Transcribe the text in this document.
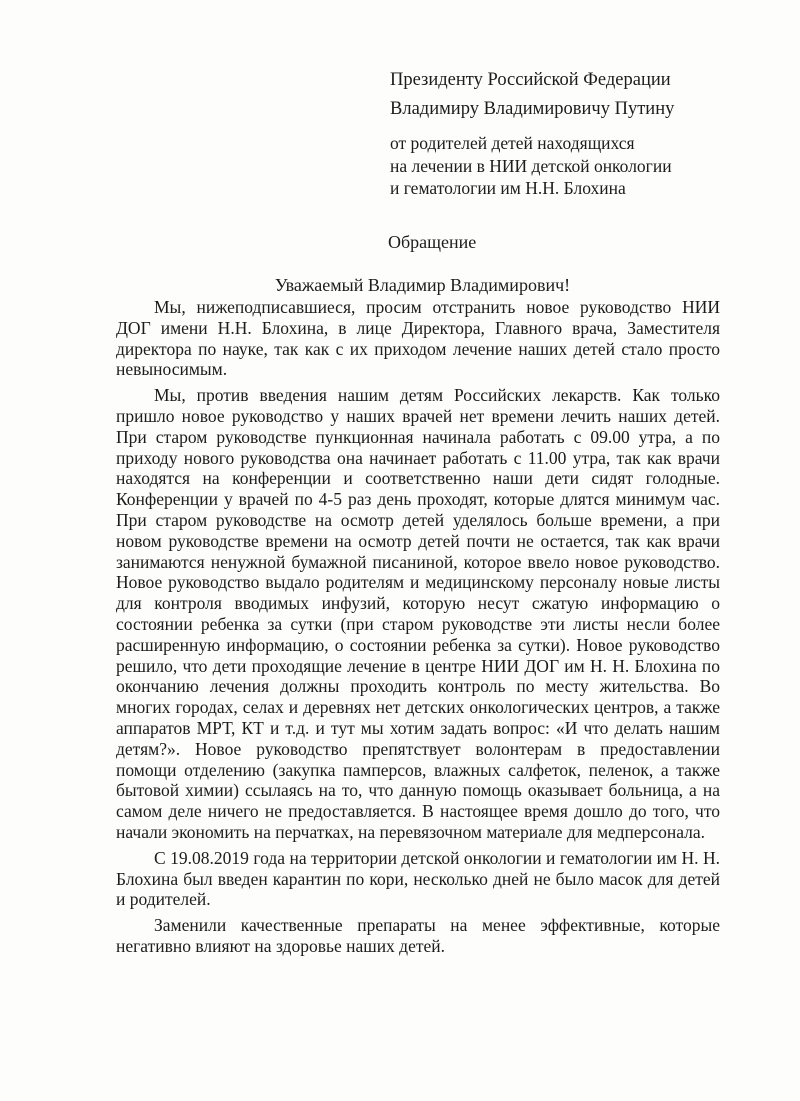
Президенту Российской Федерации
Владимиру Владимировичу Путину
от родителей детей находящихся
на лечении в НИИ детской онкологии
и гематологии им Н.Н. Блохина
Обращение
Уважаемый Владимир Владимирович!

Мы, нижеподписавшиеся, просим отстранить новое руководство НИИ ДОГ имени Н.Н. Блохина, в лице Директора, Главного врача, Заместителя директора по науке, так как с их приходом лечение наших детей стало просто невыносимым.

Мы, против введения нашим детям Российских лекарств. Как только пришло новое руководство у наших врачей нет времени лечить наших детей. При старом руководстве пункционная начинала работать с 09.00 утра, а по приходу нового руководства она начинает работать с 11.00 утра, так как врачи находятся на конференции и соответственно наши дети сидят голодные. Конференции у врачей по 4-5 раз день проходят, которые длятся минимум час. При старом руководстве на осмотр детей уделялось больше времени, а при новом руководстве времени на осмотр детей почти не остается, так как врачи занимаются ненужной бумажной писаниной, которое ввело новое руководство. Новое руководство выдало родителям и медицинскому персоналу новые листы для контроля вводимых инфузий, которую несут сжатую информацию о состоянии ребенка за сутки (при старом руководстве эти листы несли более расширенную информацию, о состоянии ребенка за сутки). Новое руководство решило, что дети проходящие лечение в центре НИИ ДОГ им Н. Н. Блохина по окончанию лечения должны проходить контроль по месту жительства. Во многих городах, селах и деревнях нет детских онкологических центров, а также аппаратов МРТ, КТ и т.д. и тут мы хотим задать вопрос: «И что делать нашим детям?». Новое руководство препятствует волонтерам в предоставлении помощи отделению (закупка памперсов, влажных салфеток, пеленок, а также бытовой химии) ссылаясь на то, что данную помощь оказывает больница, а на самом деле ничего не предоставляется. В настоящее время дошло до того, что начали экономить на перчатках, на перевязочном материале для медперсонала.

С 19.08.2019 года на территории детской онкологии и гематологии им Н. Н. Блохина был введен карантин по кори, несколько дней не было масок для детей и родителей.

Заменили качественные препараты на менее эффективные, которые негативно влияют на здоровье наших детей.
